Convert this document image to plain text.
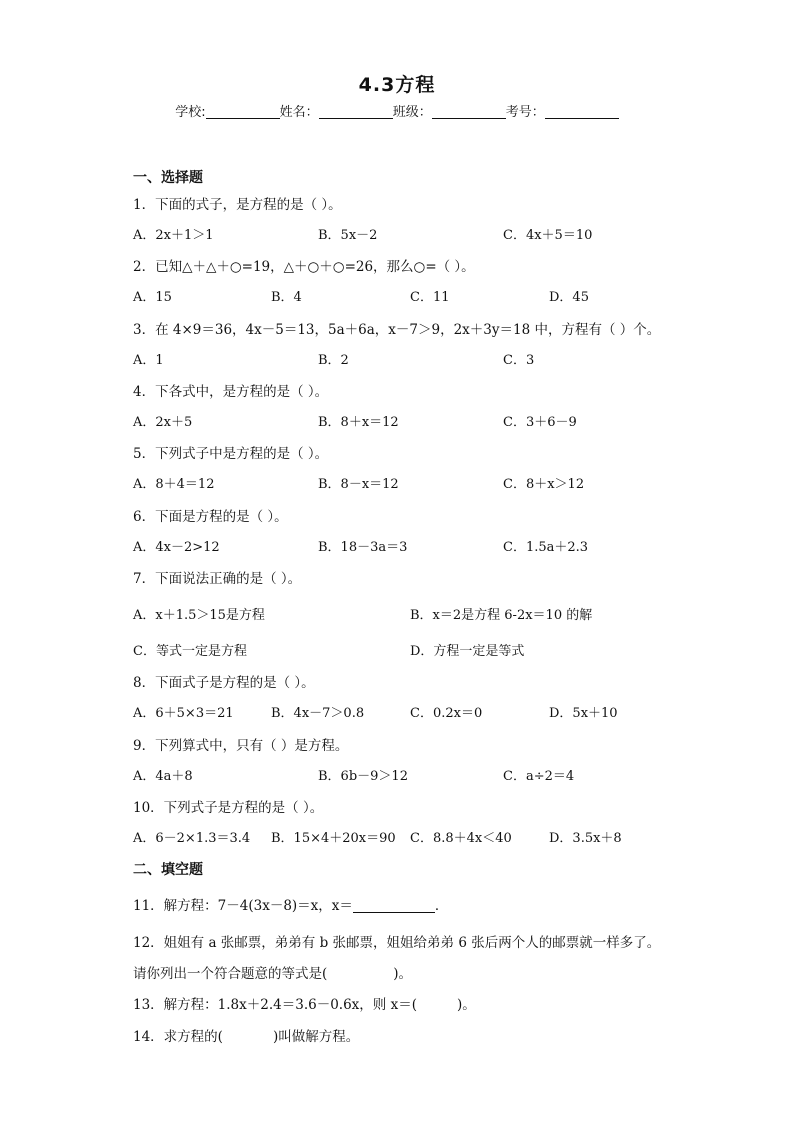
4.3方程
学校:	姓名：	班级：	考号：
一、选择题
1．下面的式子，是方程的是（ ）。
A．2x＋1＞1	B．5x－2	C．4x＋5＝10
2．已知△＋△＋○=19，△＋○＋○=26，那么○=（ ）。
A．15	B．4	C．11	D．45
3．在 4×9＝36，4x－5＝13，5a＋6a，x－7＞9，2x＋3y＝18 中，方程有（ ）个。
A．1	B．2	C．3
4．下各式中，是方程的是（ ）。
A．2x＋5	B．8＋x＝12	C．3＋6－9
5．下列式子中是方程的是（ ）。
A．8＋4＝12	B．8－x＝12	C．8＋x＞12
6．下面是方程的是（ ）。
A．4x－2>12	B．18－3a＝3	C．1.5a＋2.3
7．下面说法正确的是（ ）。
A．x＋1.5＞15是方程	B．x＝2是方程 6-2x＝10 的解
C．等式一定是方程	D．方程一定是等式
8．下面式子是方程的是（ ）。
A．6＋5×3＝21	B．4x－7＞0.8	C．0.2x＝0	D．5x＋10
9．下列算式中，只有（ ）是方程。
A．4a＋8	B．6b－9＞12	C．a÷2＝4
10．下列式子是方程的是（ ）。
A．6－2×1.3＝3.4 B．15×4＋20x＝90 C．8.8＋4x＜40	D．3.5x＋8
二、填空题
11．解方程：7－4(3x－8)＝x，x＝	．
12．姐姐有 a 张邮票，弟弟有 b 张邮票，姐姐给弟弟 6 张后两个人的邮票就一样多了。
请你列出一个符合题意的等式是(	)。
13．解方程：1.8x＋2.4＝3.6－0.6x，则 x＝(	)。
14．求方程的(	)叫做解方程。
